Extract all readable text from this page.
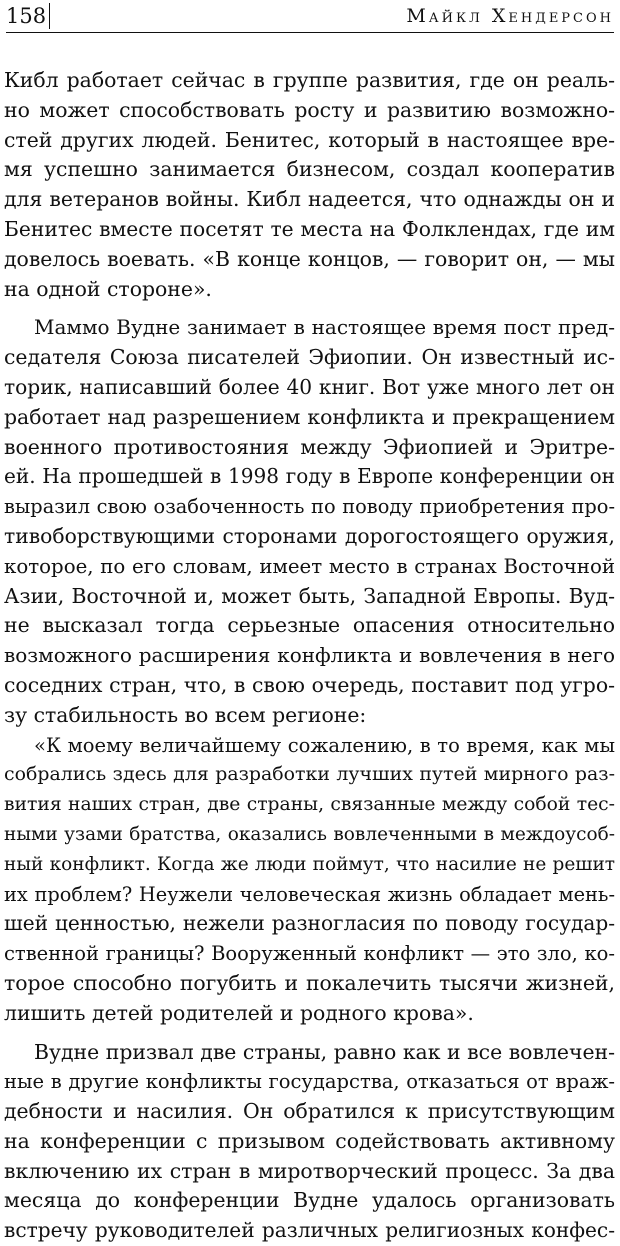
158	Майкл Хендерсон
Кибл работает сейчас в группе развития, где он реаль-
но может способствовать росту и развитию возможно-
стей других людей. Бенитес, который в настоящее вре-
мя успешно занимается бизнесом, создал кооператив
для ветеранов войны. Кибл надеется, что однажды он и
Бенитес вместе посетят те места на Фолклендах, где им
довелось воевать. «В конце концов, — говорит он, — мы
на одной стороне».
Маммо Вудне занимает в настоящее время пост пред-
седателя Союза писателей Эфиопии. Он известный ис-
торик, написавший более 40 книг. Вот уже много лет он
работает над разрешением конфликта и прекращением
военного противостояния между Эфиопией и Эритре-
ей. На прошедшей в 1998 году в Европе конференции он
выразил свою озабоченность по поводу приобретения про-
тивоборствующими сторонами дорогостоящего оружия,
которое, по его словам, имеет место в странах Восточной
Азии, Восточной и, может быть, Западной Европы. Вуд-
не высказал тогда серьезные опасения относительно
возможного расширения конфликта и вовлечения в него
соседних стран, что, в свою очередь, поставит под угро-
зу стабильность во всем регионе:
«К моему величайшему сожалению, в то время, как мы
собрались здесь для разработки лучших путей мирного раз-
вития наших стран, две страны, связанные между собой тес-
ными узами братства, оказались вовлеченными в междоусоб-
ный конфликт. Когда же люди поймут, что насилие не решит
их проблем? Неужели человеческая жизнь обладает мень-
шей ценностью, нежели разногласия по поводу государ-
ственной границы? Вооруженный конфликт — это зло, ко-
торое способно погубить и покалечить тысячи жизней,
лишить детей родителей и родного крова».
Вудне призвал две страны, равно как и все вовлечен-
ные в другие конфликты государства, отказаться от враж-
дебности и насилия. Он обратился к присутствующим
на конференции с призывом содействовать активному
включению их стран в миротворческий процесс. За два
месяца до конференции Вудне удалось организовать
встречу руководителей различных религиозных конфес-
